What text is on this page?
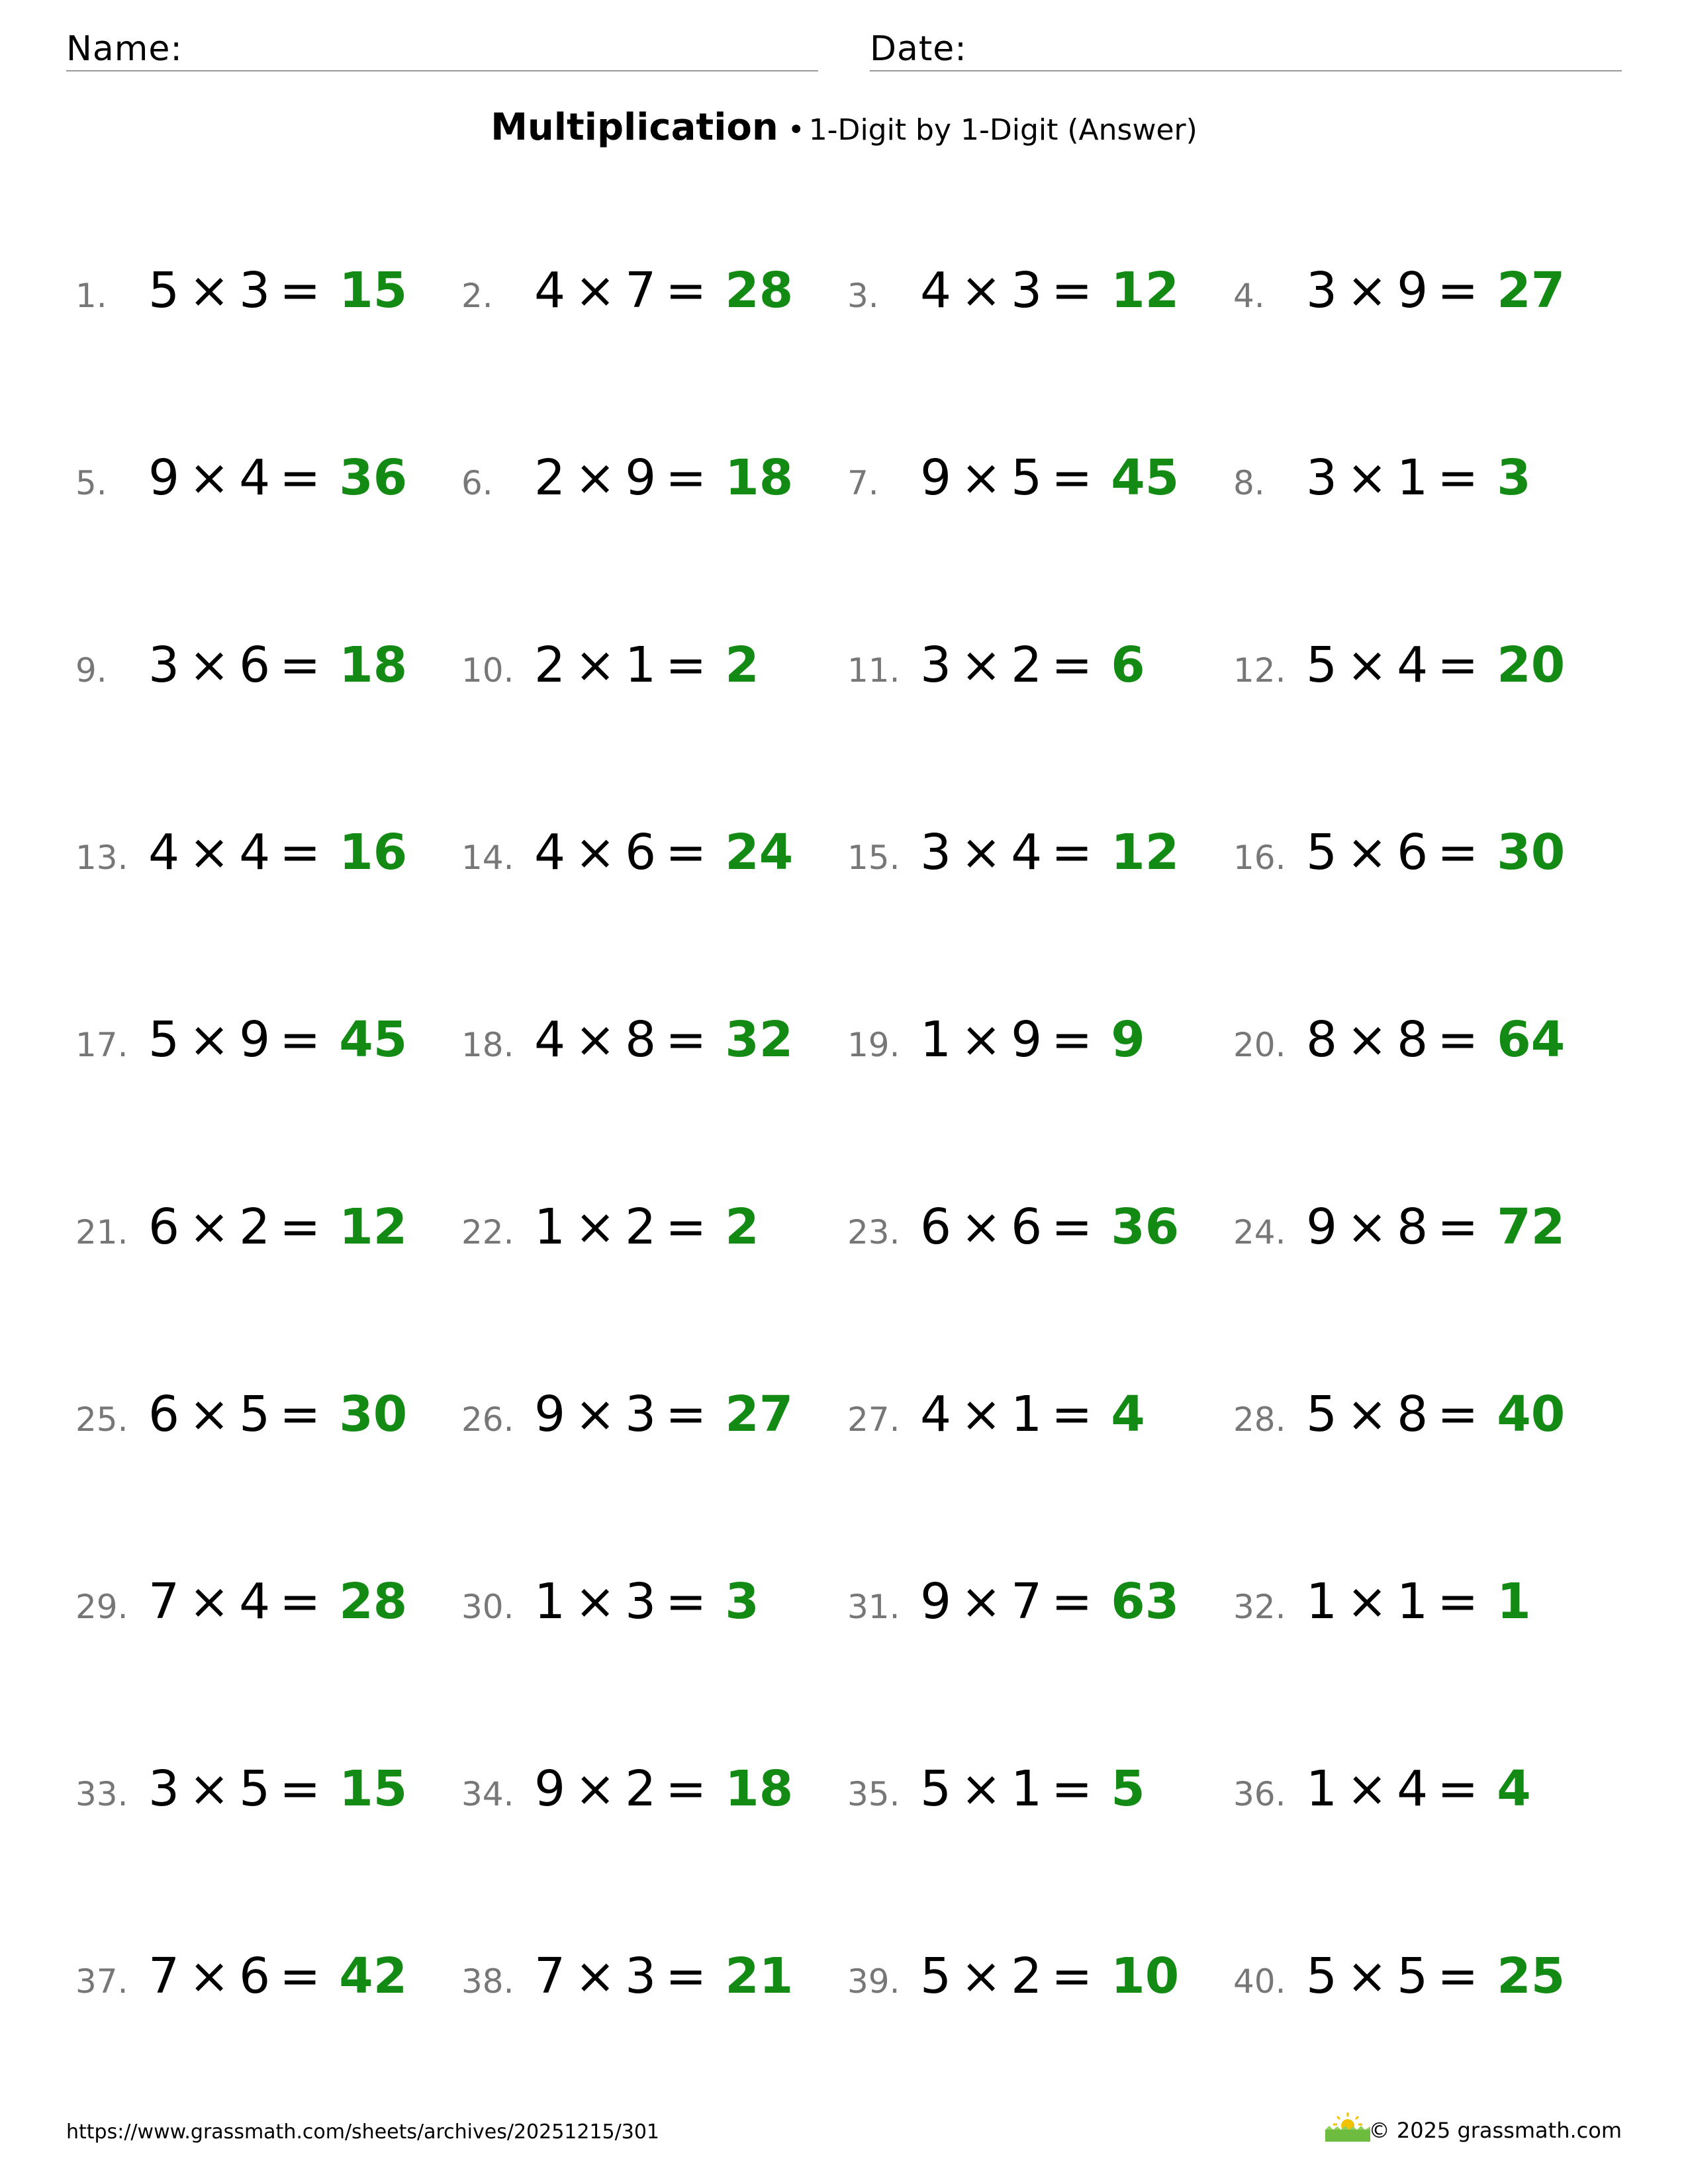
Name:	Date:
Multiplication • 1-Digit by 1-Digit (Answer)
1. 5 × 3 = 15 2. 4 × 7 = 28 3. 4 × 3 = 12 4. 3 × 9 = 27
5. 9 × 4 = 36 6. 2 × 9 = 18 7. 9 × 5 = 45 8. 3 × 1 = 3
9. 3 × 6 = 18 10. 2 × 1 = 2	11. 3 × 2 = 6	12. 5 × 4 = 20
13. 4 × 4 = 16 14. 4 × 6 = 24 15. 3 × 4 = 12 16. 5 × 6 = 30
17. 5 × 9 = 45 18. 4 × 8 = 32 19. 1 × 9 = 9	20. 8 × 8 = 64
21. 6 × 2 = 12 22. 1 × 2 = 2	23. 6 × 6 = 36 24. 9 × 8 = 72
25. 6 × 5 = 30 26. 9 × 3 = 27 27. 4 × 1 = 4	28. 5 × 8 = 40
29. 7 × 4 = 28 30. 1 × 3 = 3	31. 9 × 7 = 63 32. 1 × 1 = 1
33. 3 × 5 = 15 34. 9 × 2 = 18 35. 5 × 1 = 5	36. 1 × 4 = 4
37. 7 × 6 = 42 38. 7 × 3 = 21 39. 5 × 2 = 10 40. 5 × 5 = 25
https://www.grassmath.com/sheets/archives/20251215/301	© 2025 grassmath.com
